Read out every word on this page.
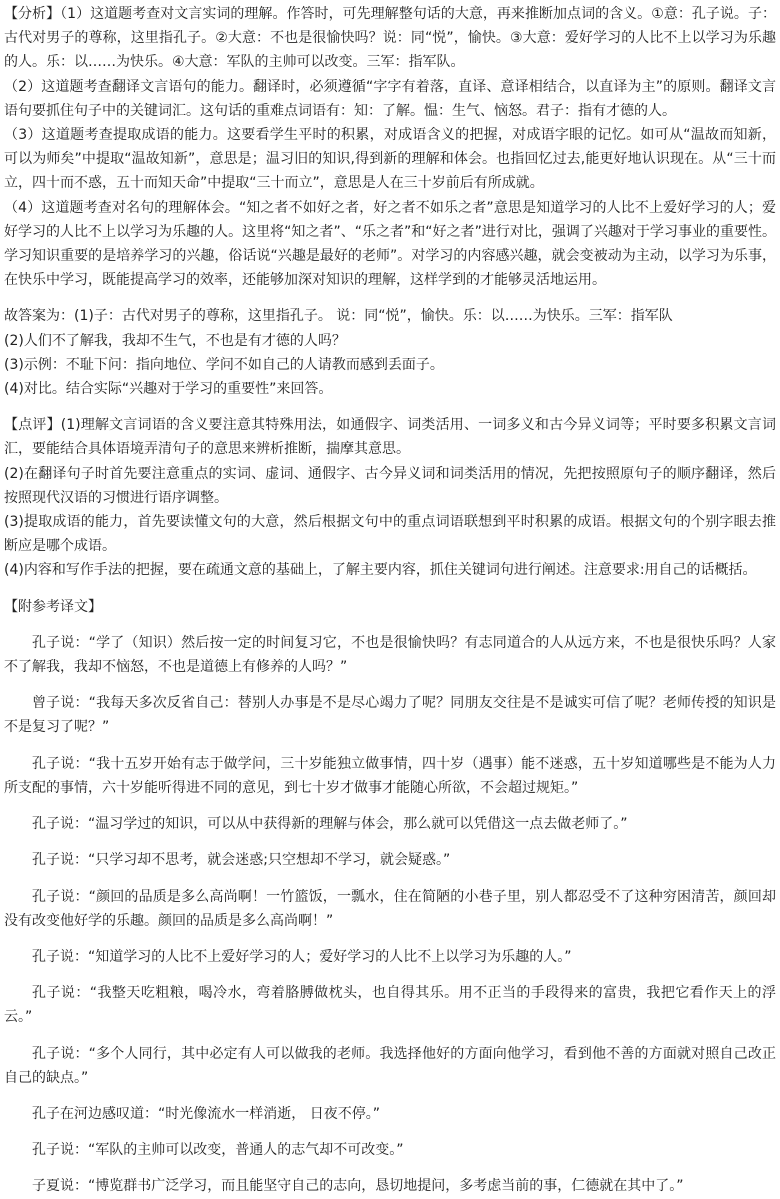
【分析】（1）这道题考查对文言实词的理解。作答时，可先理解整句话的大意，再来推断加点词的含义。①意：孔子说。子：古代对男子的尊称，这里指孔子。②大意：不也是很愉快吗？说：同“悦”，愉快。③大意：爱好学习的人比不上以学习为乐趣的人。乐：以……为快乐。④大意：军队的主帅可以改变。三军：指军队。

（2）这道题考查翻译文言语句的能力。翻译时，必须遵循“字字有着落，直译、意译相结合，以直译为主”的原则。翻译文言语句要抓住句子中的关键词汇。这句话的重难点词语有：知：了解。愠：生气、恼怒。君子：指有才德的人。

（3）这道题考查提取成语的能力。这要看学生平时的积累，对成语含义的把握，对成语字眼的记忆。如可从“温故而知新，可以为师矣”中提取“温故知新”，意思是；温习旧的知识,得到新的理解和体会。也指回忆过去,能更好地认识现在。从“三十而立，四十而不惑，五十而知天命”中提取“三十而立”，意思是人在三十岁前后有所成就。

（4）这道题考查对名句的理解体会。“知之者不如好之者，好之者不如乐之者”意思是知道学习的人比不上爱好学习的人；爱好学习的人比不上以学习为乐趣的人。这里将“知之者”、“乐之者”和“好之者”进行对比，强调了兴趣对于学习事业的重要性。学习知识重要的是培养学习的兴趣，俗话说“兴趣是最好的老师”。对学习的内容感兴趣，就会变被动为主动，以学习为乐事，在快乐中学习，既能提高学习的效率，还能够加深对知识的理解，这样学到的才能够灵活地运用。

故答案为：(1)子：古代对男子的尊称，这里指孔子。 说：同“悦”，愉快。乐：以……为快乐。三军：指军队

(2)人们不了解我，我却不生气，不也是有才德的人吗？

(3)示例：不耻下问：指向地位、学问不如自己的人请教而感到丢面子。

(4)对比。结合实际“兴趣对于学习的重要性”来回答。

【点评】(1)理解文言词语的含义要注意其特殊用法，如通假字、词类活用、一词多义和古今异义词等；平时要多积累文言词汇，要能结合具体语境弄清句子的意思来辨析推断，揣摩其意思。

(2)在翻译句子时首先要注意重点的实词、虚词、通假字、古今异义词和词类活用的情况，先把按照原句子的顺序翻译，然后按照现代汉语的习惯进行语序调整。

(3)提取成语的能力，首先要读懂文句的大意，然后根据文句中的重点词语联想到平时积累的成语。根据文句的个别字眼去推断应是哪个成语。

(4)内容和写作手法的把握，要在疏通文意的基础上，了解主要内容，抓住关键词句进行阐述。注意要求:用自己的话概括。

【附参考译文】

孔子说：“学了（知识）然后按一定的时间复习它，不也是很愉快吗？有志同道合的人从远方来，不也是很快乐吗？人家不了解我，我却不恼怒，不也是道德上有修养的人吗？”

曾子说：“我每天多次反省自己：替别人办事是不是尽心竭力了呢？同朋友交往是不是诚实可信了呢？老师传授的知识是不是复习了呢？”

孔子说：“我十五岁开始有志于做学问，三十岁能独立做事情，四十岁（遇事）能不迷惑，五十岁知道哪些是不能为人力所支配的事情，六十岁能听得进不同的意见，到七十岁才做事才能随心所欲，不会超过规矩。”

孔子说：“温习学过的知识，可以从中获得新的理解与体会，那么就可以凭借这一点去做老师了。”

孔子说：“只学习却不思考，就会迷惑;只空想却不学习，就会疑惑。”

孔子说：“颜回的品质是多么高尚啊！一竹篮饭，一瓢水，住在简陋的小巷子里，别人都忍受不了这种穷困清苦，颜回却没有改变他好学的乐趣。颜回的品质是多么高尚啊！”

孔子说：“知道学习的人比不上爱好学习的人；爱好学习的人比不上以学习为乐趣的人。”

孔子说：“我整天吃粗粮，喝冷水，弯着胳膊做枕头，也自得其乐。用不正当的手段得来的富贵，我把它看作天上的浮云。”

孔子说：“多个人同行，其中必定有人可以做我的老师。我选择他好的方面向他学习，看到他不善的方面就对照自己改正自己的缺点。”

孔子在河边感叹道：“时光像流水一样消逝， 日夜不停。”

孔子说：“军队的主帅可以改变，普通人的志气却不可改变。”

子夏说：“博览群书广泛学习，而且能坚守自己的志向，恳切地提问，多考虑当前的事，仁德就在其中了。”
